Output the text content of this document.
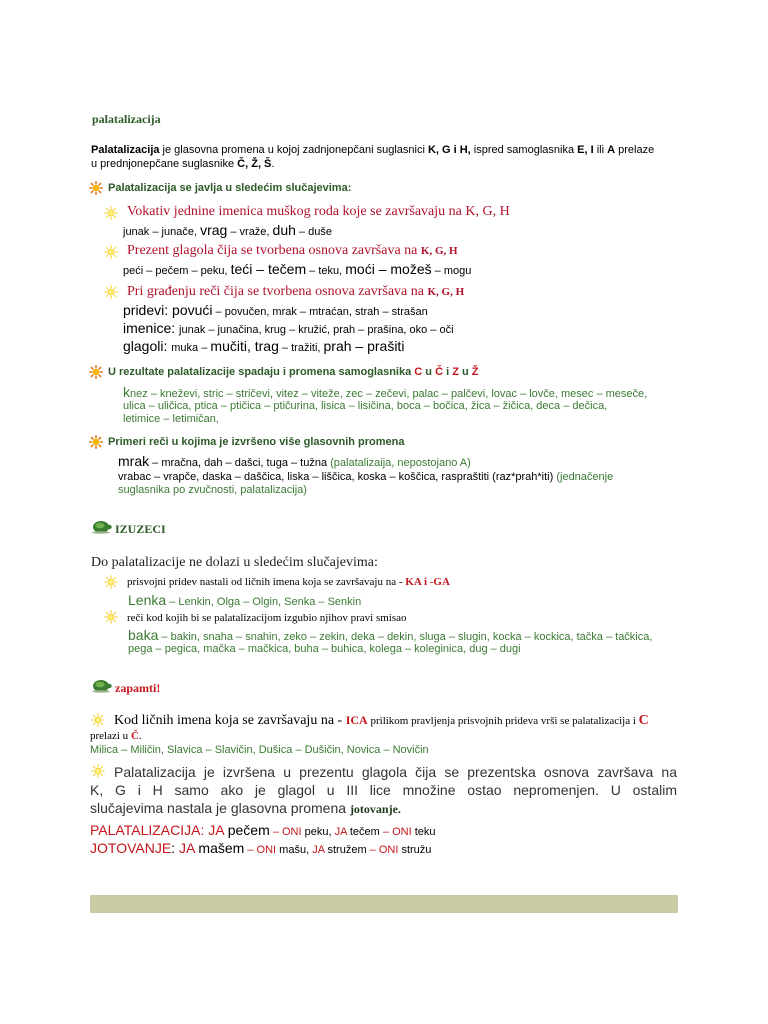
palatalizacija
Palatalizacija je glasovna promena u kojoj zadnjonepčani suglasnici K, G i H, ispred samoglasnika E, I ili A prelaze
u prednjonepčane suglasnike Č, Ž, Š.
Palatalizacija se javlja u sledećim slučajevima:
Vokativ jednine imenica muškog roda koje se završavaju na K, G, H
junak – junače, vrag – vraže, duh – duše
Prezent glagola čija se tvorbena osnova završava na K, G, H
peći – pečem – peku, teći – tečem – teku, moći – možeš – mogu
Pri građenju reči čija se tvorbena osnova završava na K, G, H
pridevi: povući – povučen, mrak – mtraćan, strah – strašan
imenice: junak – junačina, krug – kružić, prah – prašina, oko – oči
glagoli: muka – mučiti, trag – tražiti, prah – prašiti
U rezultate palatalizacije spadaju i promena samoglasnika C u Č i Z u Ž
knez – kneževi, stric – stričevi, vitez – viteže, zec – zečevi, palac – palčevi, lovac – lovče, mesec – meseče,
ulica – uličica, ptica – ptičica – ptičurina, lisica – lisičina, boca – bočica, žica – žičica, deca – dečica,
letimice – letimičan,
Primeri reči u kojima je izvršeno više glasovnih promena
mrak – mračna, dah – dašci, tuga – tužna (palatalizaija, nepostojano A)
vrabac – vrapče, daska – daščica, liska – liščica, koska – koščica, raspraštiti (raz*prah*iti) (jednačenje
suglasnika po zvučnosti, palatalizacija)
IZUZECI
Do palatalizacije ne dolazi u sledećim slučajevima:
prisvojni pridev nastali od ličnih imena koja se završavaju na - KA i -GA
Lenka – Lenkin, Olga – Olgin, Senka – Senkin
reči kod kojih bi se palatalizacijom izgubio njihov pravi smisao
baka – bakin, snaha – snahin, zeko – zekin, deka – dekin, sluga – slugin, kocka – kockica, tačka – tačkica,
pega – pegica, mačka – mačkica, buha – buhica, kolega – koleginica, dug – dugi
zapamti!
Kod ličnih imena koja se završavaju na - ICA prilikom pravljenja prisvojnih prideva vrši se palatalizacija i C
prelazi u Č.
Milica – Miličin, Slavica – Slavičin, Dušica – Dušičin, Novica – Novičin
Palatalizacija je izvršena u prezentu glagola čija se prezentska osnova završava na
K, G i H samo ako je glagol u III lice množine ostao nepromenjen. U ostalim
slučajevima nastala je glasovna promena jotovanje.
PALATALIZACIJA: JA pečem – ONI peku, JA tečem – ONI teku
JOTOVANJE: JA mašem – ONI mašu, JA stružem – ONI stružu
